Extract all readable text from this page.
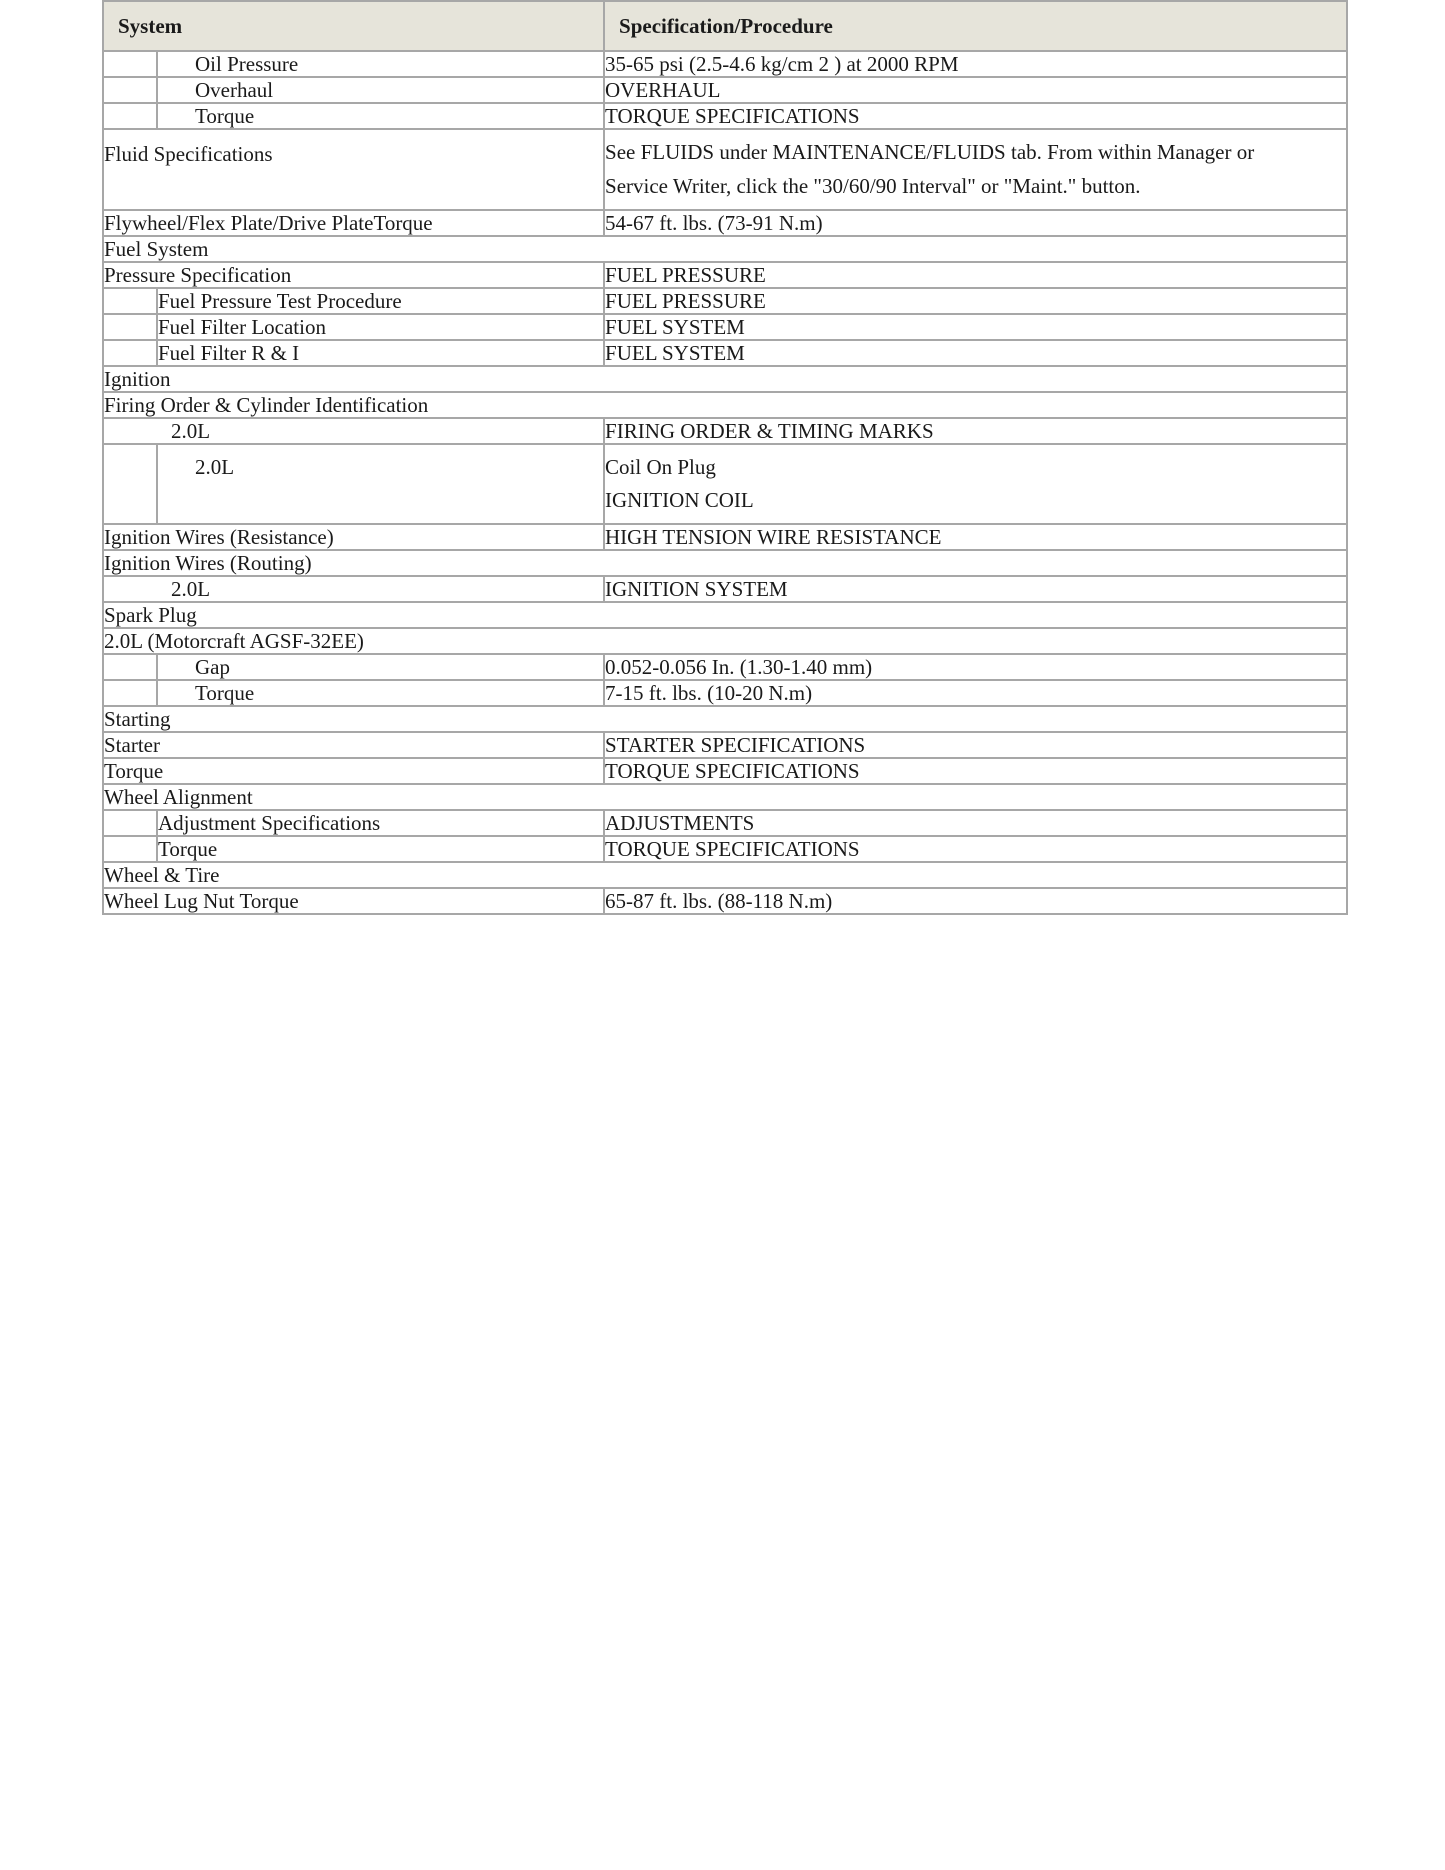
System		Specification/Procedure
	Oil Pressure	35-65 psi (2.5-4.6 kg/cm 2 ) at 2000 RPM
	Overhaul	OVERHAUL
	Torque	TORQUE SPECIFICATIONS
Fluid Specifications		See FLUIDS under MAINTENANCE/FLUIDS tab. From within Manager or
Service Writer, click the "30/60/90 Interval" or "Maint." button.

Flywheel/Flex Plate/Drive PlateTorque		54-67 ft. lbs. (73-91 N.m)
Fuel System		
Pressure Specification		FUEL PRESSURE
	Fuel Pressure Test Procedure	FUEL PRESSURE
	Fuel Filter Location	FUEL SYSTEM
	Fuel Filter R & I	FUEL SYSTEM
Ignition		
Firing Order & Cylinder Identification		
2.0L		FIRING ORDER & TIMING MARKS
	2.0L	Coil On Plug
IGNITION COIL

Ignition Wires (Resistance)		HIGH TENSION WIRE RESISTANCE
Ignition Wires (Routing)		
2.0L		IGNITION SYSTEM
Spark Plug		
2.0L (Motorcraft AGSF-32EE)		
	Gap	0.052-0.056 In. (1.30-1.40 mm)
	Torque	7-15 ft. lbs. (10-20 N.m)
Starting		
Starter		STARTER SPECIFICATIONS
Torque		TORQUE SPECIFICATIONS
Wheel Alignment		
	Adjustment Specifications	ADJUSTMENTS
	Torque	TORQUE SPECIFICATIONS
Wheel & Tire		
Wheel Lug Nut Torque		65-87 ft. lbs. (88-118 N.m)
